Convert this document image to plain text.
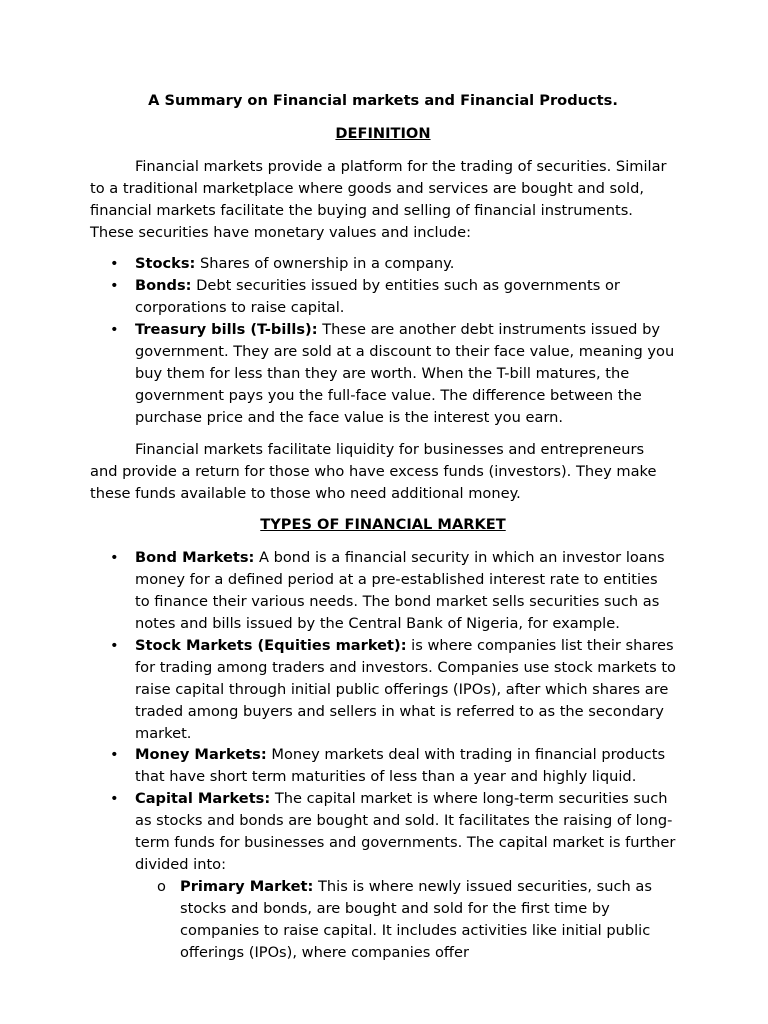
A Summary on Financial markets and Financial Products.

DEFINITION

Financial markets provide a platform for the trading of securities. Similar to a traditional marketplace where goods and services are bought and sold, financial markets facilitate the buying and selling of financial instruments. These securities have monetary values and include:

• Stocks: Shares of ownership in a company.
• Bonds: Debt securities issued by entities such as governments or corporations to raise capital.
• Treasury bills (T-bills): These are another debt instruments issued by government. They are sold at a discount to their face value, meaning you buy them for less than they are worth. When the T-bill matures, the government pays you the full-face value. The difference between the purchase price and the face value is the interest you earn.

Financial markets facilitate liquidity for businesses and entrepreneurs and provide a return for those who have excess funds (investors). They make these funds available to those who need additional money.

TYPES OF FINANCIAL MARKET

• Bond Markets: A bond is a financial security in which an investor loans money for a defined period at a pre-established interest rate to entities to finance their various needs. The bond market sells securities such as notes and bills issued by the Central Bank of Nigeria, for example.
• Stock Markets (Equities market): is where companies list their shares for trading among traders and investors. Companies use stock markets to raise capital through initial public offerings (IPOs), after which shares are traded among buyers and sellers in what is referred to as the secondary market.
• Money Markets: Money markets deal with trading in financial products that have short term maturities of less than a year and highly liquid.
• Capital Markets: The capital market is where long-term securities such as stocks and bonds are bought and sold. It facilitates the raising of long-term funds for businesses and governments. The capital market is further divided into:
o Primary Market: This is where newly issued securities, such as stocks and bonds, are bought and sold for the first time by companies to raise capital. It includes activities like initial public offerings (IPOs), where companies offer
